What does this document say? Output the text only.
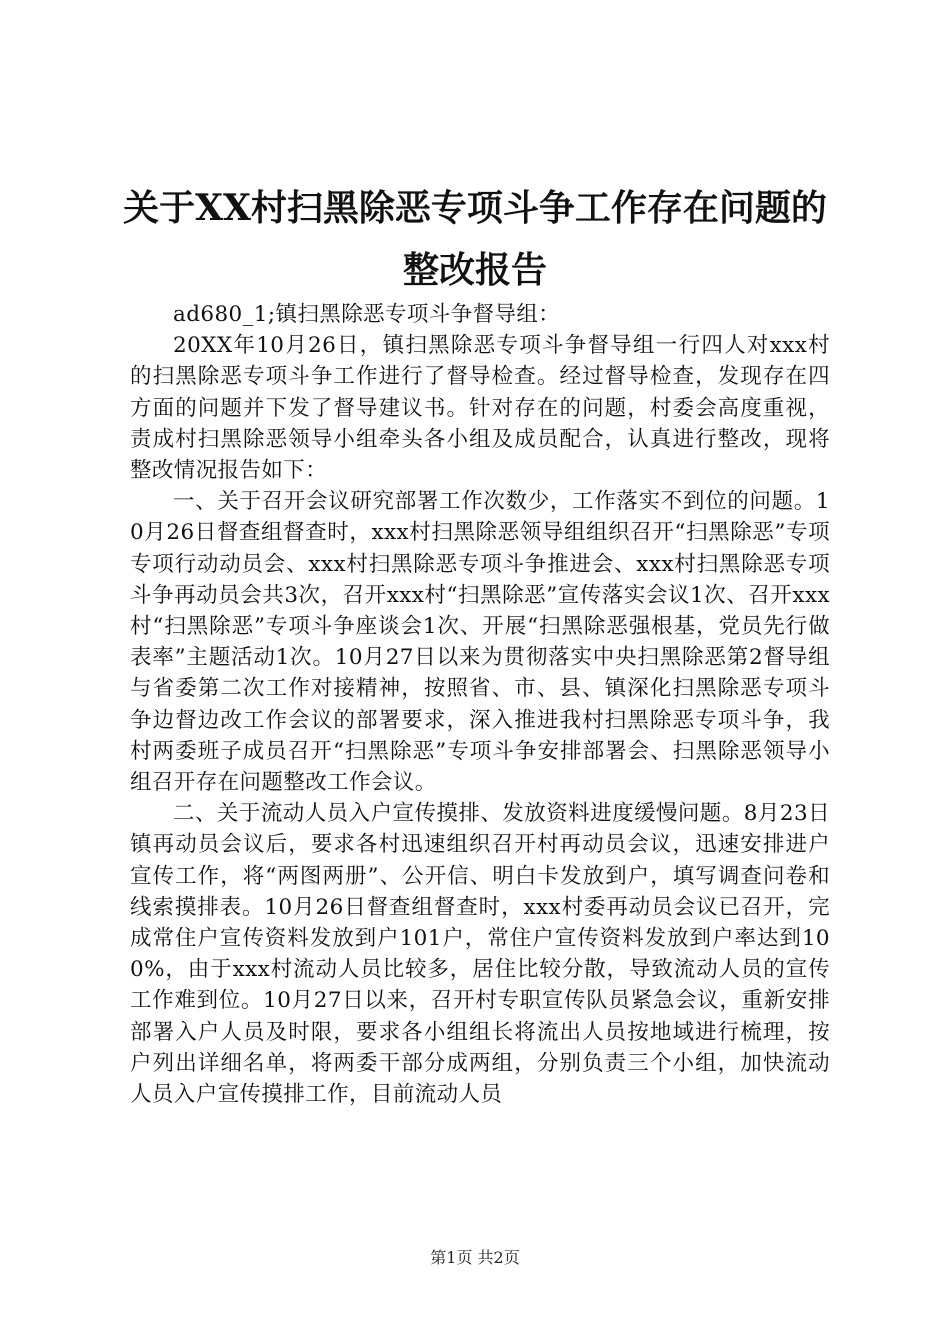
关于XX村扫黑除恶专项斗争工作存在问题的
整改报告

ad680_1;镇扫黑除恶专项斗争督导组：

20XX年10月26日，镇扫黑除恶专项斗争督导组一行四人对xxx村的扫黑除恶专项斗争工作进行了督导检查。经过督导检查，发现存在四方面的问题并下发了督导建议书。针对存在的问题，村委会高度重视，责成村扫黑除恶领导小组牵头各小组及成员配合，认真进行整改，现将整改情况报告如下：

一、关于召开会议研究部署工作次数少，工作落实不到位的问题。10月26日督查组督查时，xxx村扫黑除恶领导组组织召开“扫黑除恶”专项专项行动动员会、xxx村扫黑除恶专项斗争推进会、xxx村扫黑除恶专项斗争再动员会共3次，召开xxx村“扫黑除恶”宣传落实会议1次、召开xxx村“扫黑除恶”专项斗争座谈会1次、开展“扫黑除恶强根基，党员先行做表率”主题活动1次。10月27日以来为贯彻落实中央扫黑除恶第2督导组与省委第二次工作对接精神，按照省、市、县、镇深化扫黑除恶专项斗争边督边改工作会议的部署要求，深入推进我村扫黑除恶专项斗争，我村两委班子成员召开“扫黑除恶”专项斗争安排部署会、扫黑除恶领导小组召开存在问题整改工作会议。

二、关于流动人员入户宣传摸排、发放资料进度缓慢问题。8月23日镇再动员会议后，要求各村迅速组织召开村再动员会议，迅速安排进户宣传工作，将“两图两册”、公开信、明白卡发放到户，填写调查问卷和线索摸排表。10月26日督查组督查时，xxx村委再动员会议已召开，完成常住户宣传资料发放到户101户，常住户宣传资料发放到户率达到100%，由于xxx村流动人员比较多，居住比较分散，导致流动人员的宣传工作难到位。10月27日以来，召开村专职宣传队员紧急会议，重新安排部署入户人员及时限，要求各小组组长将流出人员按地域进行梳理，按户列出详细名单，将两委干部分成两组，分别负责三个小组，加快流动人员入户宣传摸排工作，目前流动人员

第1页 共2页
